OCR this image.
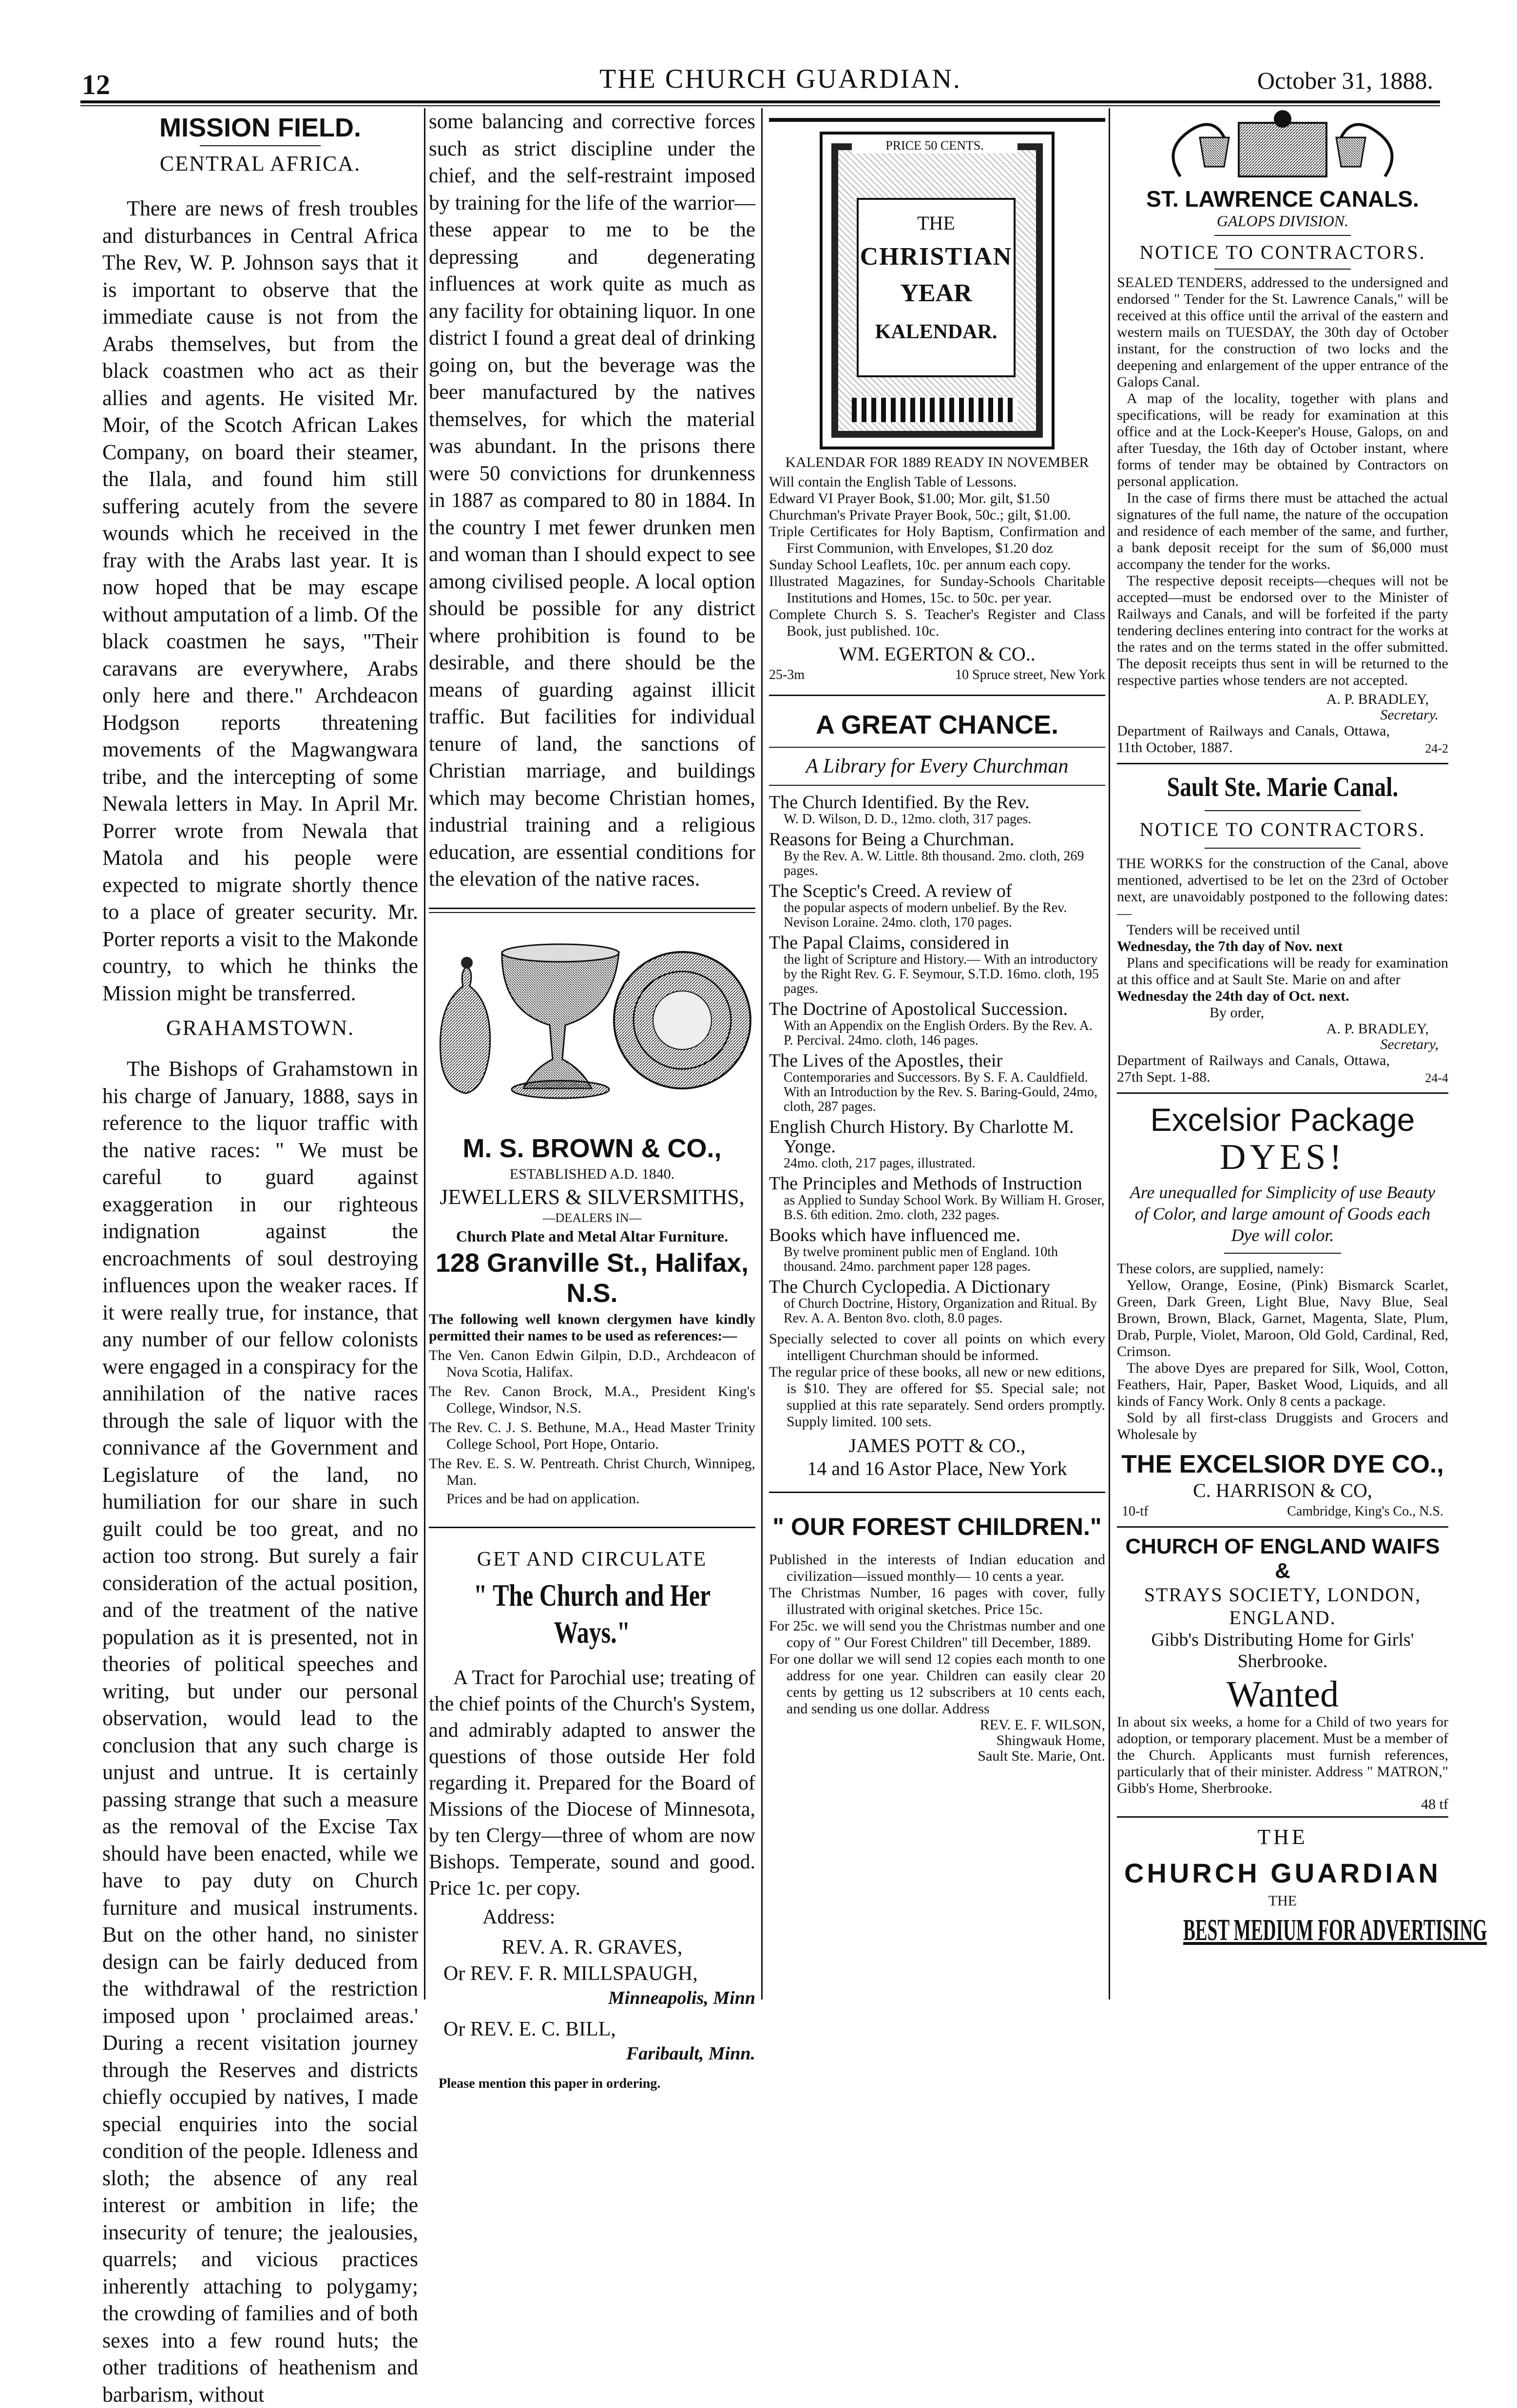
12	THE CHURCH GUARDIAN.	October 31, 1888.
MISSION FIELD.
CENTRAL AFRICA.

There are news of fresh troubles and disturbances in Central Africa The Rev, W. P. Johnson says that it is important to observe that the immediate cause is not from the Arabs themselves, but from the black coastmen who act as their allies and agents. He visited Mr. Moir, of the Scotch African Lakes Company, on board their steamer, the Ilala, and found him still suffering acutely from the severe wounds which he received in the fray with the Arabs last year. It is now hoped that be may escape without amputation of a limb. Of the black coastmen he says, "Their caravans are everywhere, Arabs only here and there." Archdeacon Hodgson reports threatening movements of the Magwangwara tribe, and the intercepting of some Newala letters in May. In April Mr. Porrer wrote from Newala that Matola and his people were expected to migrate shortly thence to a place of greater security. Mr. Porter reports a visit to the Makonde country, to which he thinks the Mission might be transferred.

GRAHAMSTOWN.

The Bishops of Grahamstown in his charge of January, 1888, says in reference to the liquor traffic with the native races: " We must be careful to guard against exaggeration in our righteous indignation against the encroachments of soul destroying influences upon the weaker races. If it were really true, for instance, that any number of our fellow colonists were engaged in a conspiracy for the annihilation of the native races through the sale of liquor with the connivance af the Government and Legislature of the land, no humiliation for our share in such guilt could be too great, and no action too strong. But surely a fair consideration of the actual position, and of the treatment of the native population as it is presented, not in theories of political speeches and writing, but under our personal observation, would lead to the conclusion that any such charge is unjust and untrue. It is certainly passing strange that such a measure as the removal of the Excise Tax should have been enacted, while we have to pay duty on Church furniture and musical instruments. But on the other hand, no sinister design can be fairly deduced from the withdrawal of the restriction imposed upon ' proclaimed areas.' During a recent visitation journey through the Reserves and districts chiefly occupied by natives, I made special enquiries into the social condition of the people. Idleness and sloth; the absence of any real interest or ambition in life; the insecurity of tenure; the jealousies, quarrels; and vicious practices inherently attaching to polygamy; the crowding of families and of both sexes into a few round huts; the other traditions of heathenism and barbarism, without

some balancing and corrective forces such as strict discipline under the chief, and the self-restraint imposed by training for the life of the warrior—these appear to me to be the depressing and degenerating influences at work quite as much as any facility for obtaining liquor. In one district I found a great deal of drinking going on, but the beverage was the beer manufactured by the natives themselves, for which the material was abundant. In the prisons there were 50 convictions for drunkenness in 1887 as compared to 80 in 1884. In the country I met fewer drunken men and woman than I should expect to see among civilised people. A local option should be possible for any district where prohibition is found to be desirable, and there should be the means of guarding against illicit traffic. But facilities for individual tenure of land, the sanctions of Christian marriage, and buildings which may become Christian homes, industrial training and a religious education, are essential conditions for the elevation of the native races.

M. S. BROWN & CO.,
ESTABLISHED A.D. 1840.
JEWELLERS & SILVERSMITHS,
—DEALERS IN—
Church Plate and Metal Altar Furniture.
128 Granville St., Halifax, N.S.

The following well known clergymen have kindly permitted their names to be used as references:—

The Ven. Canon Edwin Gilpin, D.D., Archdeacon of Nova Scotia, Halifax.

The Rev. Canon Brock, M.A., President King's College, Windsor, N.S.

The Rev. C. J. S. Bethune, M.A., Head Master Trinity College School, Port Hope, Ontario.

The Rev. E. S. W. Pentreath. Christ Church, Winnipeg, Man.

Prices and be had on application.

GET AND CIRCULATE
" The Church and Her Ways."

A Tract for Parochial use; treating of the chief points of the Church's System, and admirably adapted to answer the questions of those outside Her fold regarding it. Prepared for the Board of Missions of the Diocese of Minnesota, by ten Clergy—three of whom are now Bishops. Temperate, sound and good. Price 1c. per copy.

Address:
REV. A. R. GRAVES,
Or REV. F. R. MILLSPAUGH,
Minneapolis, Minn
Or REV. E. C. BILL,
Faribault, Minn.
Please mention this paper in ordering.
PRICE 50 CENTS.
THE
CHRISTIAN
YEAR
KALENDAR.
KALENDAR FOR 1889 READY IN NOVEMBER

Will contain the English Table of Lessons.

Edward VI Prayer Book, $1.00; Mor. gilt, $1.50

Churchman's Private Prayer Book, 50c.; gilt, $1.00.

Triple Certificates for Holy Baptism, Confirmation and First Communion, with Envelopes, $1.20 doz

Sunday School Leaflets, 10c. per annum each copy.

Illustrated Magazines, for Sunday-Schools Charitable Institutions and Homes, 15c. to 50c. per year.

Complete Church S. S. Teacher's Register and Class Book, just published. 10c.

WM. EGERTON & CO..
25-3m	10 Spruce street, New York
A GREAT CHANCE.
A Library for Every Churchman

The Church Identified. By the Rev.
W. D. Wilson, D. D., 12mo. cloth, 317 pages.

Reasons for Being a Churchman.
By the Rev. A. W. Little. 8th thousand. 2mo. cloth, 269 pages.

The Sceptic's Creed. A review of
the popular aspects of modern unbelief. By the Rev. Nevison Loraine. 24mo. cloth, 170 pages.

The Papal Claims, considered in
the light of Scripture and History.— With an introductory by the Right Rev. G. F. Seymour, S.T.D. 16mo. cloth, 195 pages.

The Doctrine of Apostolical Succession.
With an Appendix on the English Orders. By the Rev. A. P. Percival. 24mo. cloth, 146 pages.

The Lives of the Apostles, their
Contemporaries and Successors. By S. F. A. Cauldfield. With an Introduction by the Rev. S. Baring-Gould, 24mo, cloth, 287 pages.

English Church History. By Charlotte M. Yonge.
24mo. cloth, 217 pages, illustrated.

The Principles and Methods of Instruction
as Applied to Sunday School Work. By William H. Groser, B.S. 6th edition. 2mo. cloth, 232 pages.

Books which have influenced me.
By twelve prominent public men of England. 10th thousand. 24mo. parchment paper 128 pages.

The Church Cyclopedia. A Dictionary
of Church Doctrine, History, Organization and Ritual. By Rev. A. A. Benton 8vo. cloth, 8.0 pages.

Specially selected to cover all points on which every intelligent Churchman should be informed.

The regular price of these books, all new or new editions, is $10. They are offered for $5. Special sale; not supplied at this rate separately. Send orders promptly. Supply limited. 100 sets.

JAMES POTT & CO.,
14 and 16 Astor Place, New York
" OUR FOREST CHILDREN."

Published in the interests of Indian education and civilization—issued monthly— 10 cents a year.

The Christmas Number, 16 pages with cover, fully illustrated with original sketches. Price 15c.

For 25c. we will send you the Christmas number and one copy of " Our Forest Children" till December, 1889.

For one dollar we will send 12 copies each month to one address for one year. Children can easily clear 20 cents by getting us 12 subscribers at 10 cents each, and sending us one dollar. Address

REV. E. F. WILSON,

Shingwauk Home,

Sault Ste. Marie, Ont.

ST. LAWRENCE CANALS.
GALOPS DIVISION.
NOTICE TO CONTRACTORS.

SEALED TENDERS, addressed to the undersigned and endorsed " Tender for the St. Lawrence Canals," will be received at this office until the arrival of the eastern and western mails on TUESDAY, the 30th day of October instant, for the construction of two locks and the deepening and enlargement of the upper entrance of the Galops Canal.

A map of the locality, together with plans and specifications, will be ready for examination at this office and at the Lock-Keeper's House, Galops, on and after Tuesday, the 16th day of October instant, where forms of tender may be obtained by Contractors on personal application.

In the case of firms there must be attached the actual signatures of the full name, the nature of the occupation and residence of each member of the same, and further, a bank deposit receipt for the sum of $6,000 must accompany the tender for the works.

The respective deposit receipts—cheques will not be accepted—must be endorsed over to the Minister of Railways and Canals, and will be forfeited if the party tendering declines entering into contract for the works at the rates and on the terms stated in the offer submitted. The deposit receipts thus sent in will be returned to the respective parties whose tenders are not accepted.

A. P. BRADLEY,

Secretary.

Department of Railways and Canals, Ottawa, 11th October, 1887.	24-2
Sault Ste. Marie Canal.
NOTICE TO CONTRACTORS.

THE WORKS for the construction of the Canal, above mentioned, advertised to be let on the 23rd of October next, are unavoidably postponed to the following dates:—

Tenders will be received until

Wednesday, the 7th day of Nov. next

Plans and specifications will be ready for examination at this office and at Sault Ste. Marie on and after

Wednesday the 24th day of Oct. next.

By order,

A. P. BRADLEY,

Secretary,

Department of Railways and Canals, Ottawa, 27th Sept. 1-88.	24-4
Excelsior Package
DYES!

Are unequalled for Simplicity of use Beauty of Color, and large amount of Goods each Dye will color.

These colors, are supplied, namely:

Yellow, Orange, Eosine, (Pink) Bismarck Scarlet, Green, Dark Green, Light Blue, Navy Blue, Seal Brown, Brown, Black, Garnet, Magenta, Slate, Plum, Drab, Purple, Violet, Maroon, Old Gold, Cardinal, Red, Crimson.

The above Dyes are prepared for Silk, Wool, Cotton, Feathers, Hair, Paper, Basket Wood, Liquids, and all kinds of Fancy Work. Only 8 cents a package.

Sold by all first-class Druggists and Grocers and Wholesale by

THE EXCELSIOR DYE CO.,
C. HARRISON & CO,
10-tf	Cambridge, King's Co., N.S.
CHURCH OF ENGLAND WAIFS &
STRAYS SOCIETY, LONDON,
ENGLAND.
Gibb's Distributing Home for Girls'
Sherbrooke.
Wanted

In about six weeks, a home for a Child of two years for adoption, or temporary placement. Must be a member of the Church. Applicants must furnish references, particularly that of their minister. Address " MATRON," Gibb's Home, Sherbrooke.

48 tf

THE
CHURCH GUARDIAN
THE
BEST MEDIUM FOR ADVERTISING
